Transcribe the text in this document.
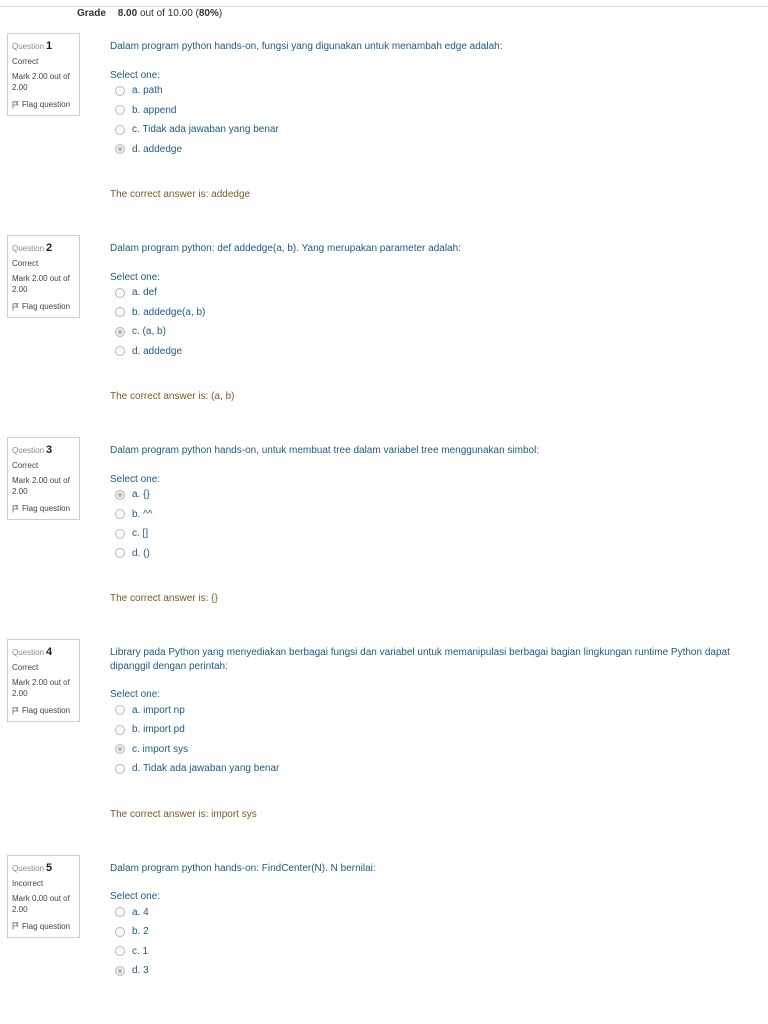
Grade 8.00 out of 10.00 (80%)
Question 1
Correct
Mark 2.00 out of 2.00
Flag question
Dalam program python hands-on, fungsi yang digunakan untuk menambah edge adalah:
Select one:
a. path
b. append
c. Tidak ada jawaban yang benar
d. addedge
The correct answer is: addedge
Question 2
Correct
Mark 2.00 out of 2.00
Flag question
Dalam program python: def addedge(a, b). Yang merupakan parameter adalah:
Select one:
a. def
b. addedge(a, b)
c. (a, b)
d. addedge
The correct answer is: (a, b)
Question 3
Correct
Mark 2.00 out of 2.00
Flag question
Dalam program python hands-on, untuk membuat tree dalam variabel tree menggunakan simbol:
Select one:
a. {}
b. ^^
c. []
d. ()
The correct answer is: {}
Question 4
Correct
Mark 2.00 out of 2.00
Flag question
Library pada Python yang menyediakan berbagai fungsi dan variabel untuk memanipulasi berbagai bagian lingkungan runtime Python dapat dipanggil dengan perintah:
Select one:
a. import np
b. import pd
c. import sys
d. Tidak ada jawaban yang benar
The correct answer is: import sys
Question 5
Incorrect
Mark 0.00 out of 2.00
Flag question
Dalam program python hands-on: FindCenter(N). N bernilai:
Select one:
a. 4
b. 2
c. 1
d. 3
